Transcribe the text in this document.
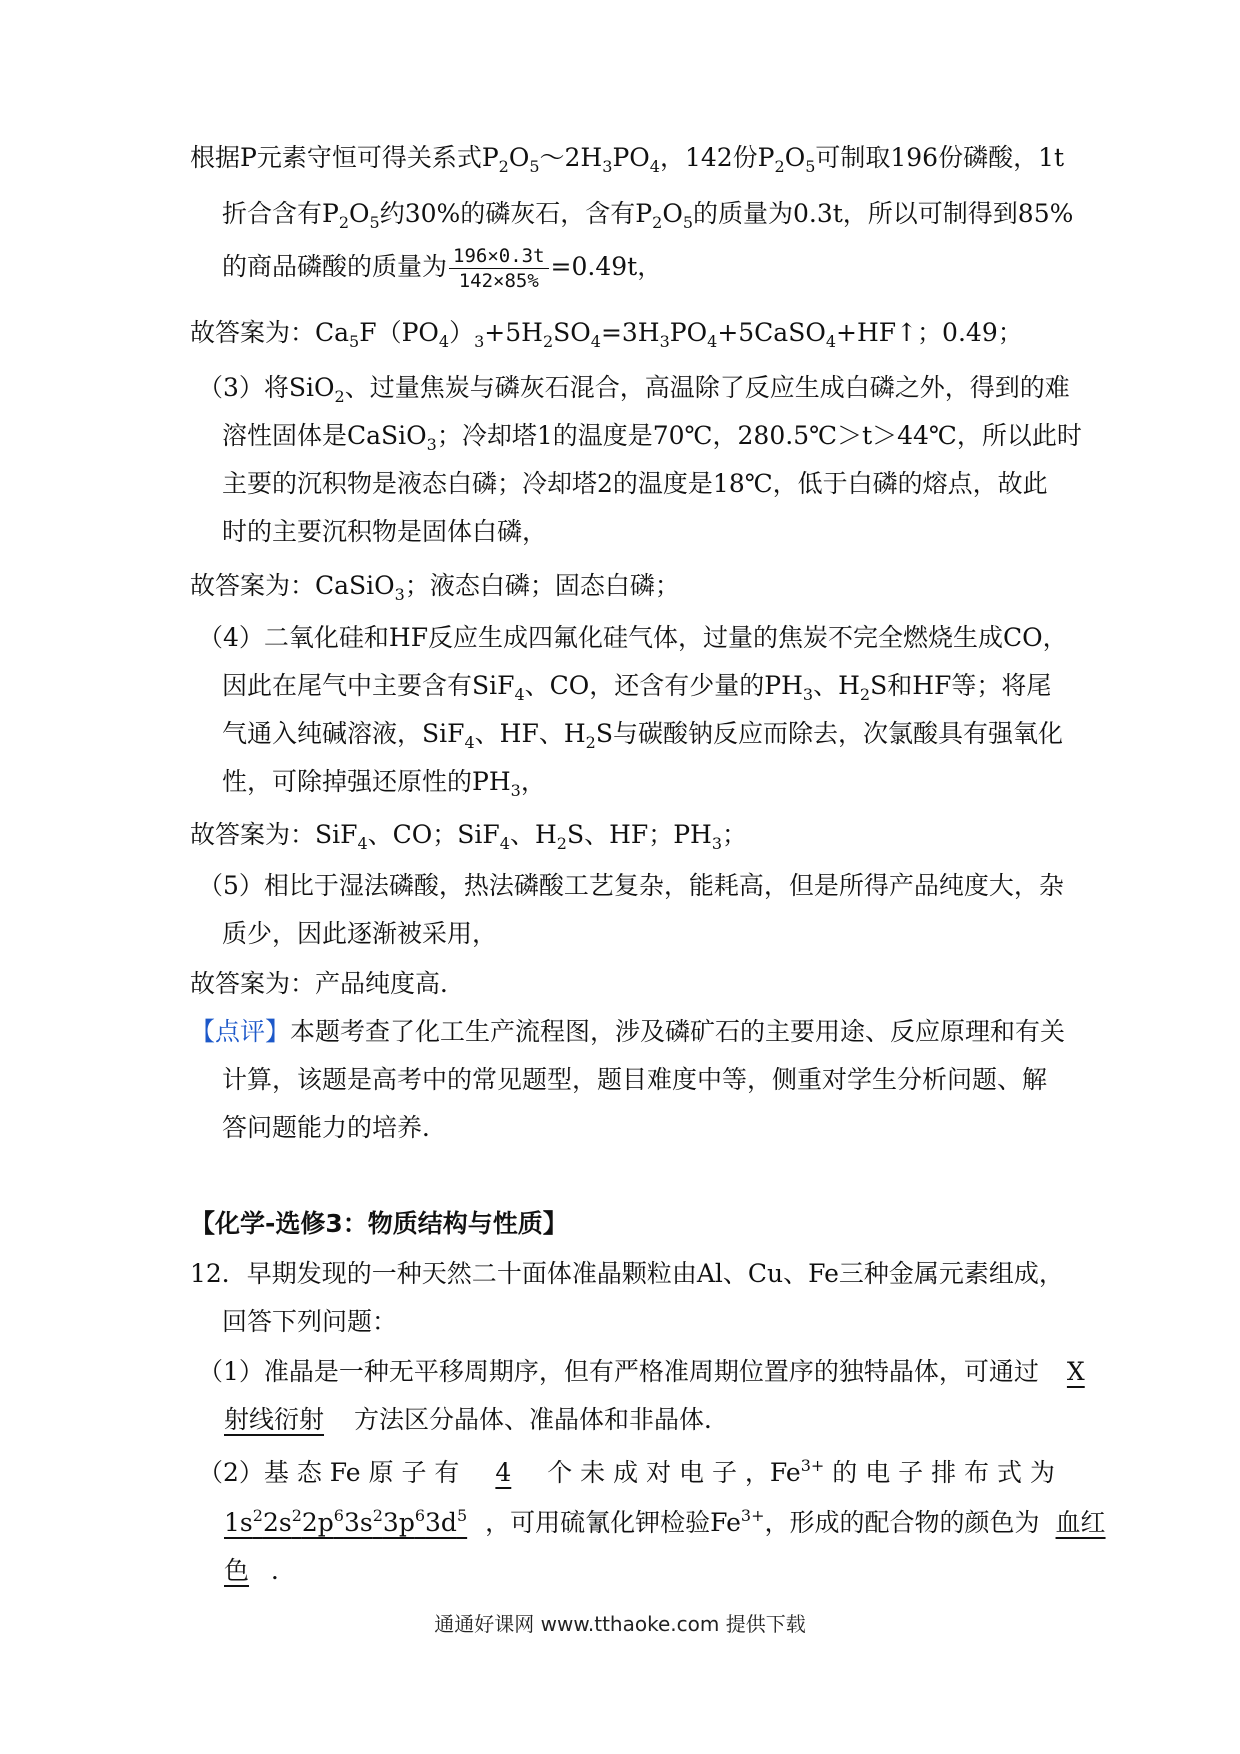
根据P元素守恒可得关系式$P_2O_5\sim 2H_3PO_4$，142份$P_2O_5$可制取196份磷酸，1t
折合含有$P_2O_5$约30%的磷灰石，含有$P_2O_5$的质量为0.3t，所以可制得到85%
的商品磷酸的质量为 $\frac{196\times 0.3t}{142\times 85\%} =0.49t$，
故答案为：$Ca_5F(PO_4)_3+5H_2SO_4=3H_3PO_4+5CaSO_4+HF↑$；0.49；
（3）将SiO$_2$、过量焦炭与磷灰石混合，高温除了反应生成白磷之外，得到的难
溶性固体是CaSiO$_3$；冷却塔1的温度是70℃，280.5℃＞t＞44℃，所以此时
主要的沉积物是液态白磷；冷却塔2的温度是18℃，低于白磷的熔点，故此
时的主要沉积物是固体白磷，
故答案为：CaSiO$_3$；液态白磷；固态白磷；
（4）二氧化硅和HF反应生成四氟化硅气体，过量的焦炭不完全燃烧生成CO，
因此在尾气中主要含有SiF$_4$、CO，还含有少量的$PH_3$、$H_2S$和HF等；将尾
气通入纯碱溶液，SiF$_4$、HF、$H_2S$与碳酸钠反应而除去，次氯酸具有强氧化
性，可除掉强还原性的$PH_3$，
故答案为：SiF$_4$、CO；SiF$_4$、$H_2S$、HF；$PH_3$；
（5）相比于湿法磷酸，热法磷酸工艺复杂，能耗高，但是所得产品纯度大，杂
质少，因此逐渐被采用，
故答案为：产品纯度高．
【点评】本题考查了化工生产流程图，涉及磷矿石的主要用途、反应原理和有关
计算，该题是高考中的常见题型，题目难度中等，侧重对学生分析问题、解
答问题能力的培养．
【化学-选修3：物质结构与性质】
12．早期发现的一种天然二十面体准晶颗粒由Al、Cu、Fe三种金属元素组成，
回答下列问题：
（1）准晶是一种无平移周期序，但有严格准周期位置序的独特晶体，可通过 X
射线衍射 方法区分晶体、准晶体和非晶体．
（2）基 态 Fe 原 子 有 4 个 未 成 对 电 子 ，$Fe^{3+}$ 的 电 子 排 布 式 为
$1s^22s^22p^63s^23p^63d^5$ ，可用硫氰化钾检验$Fe^{3+}$，形成的配合物的颜色为 血红
色 ．
通通好课网 www.tthaoke.com 提供下载
